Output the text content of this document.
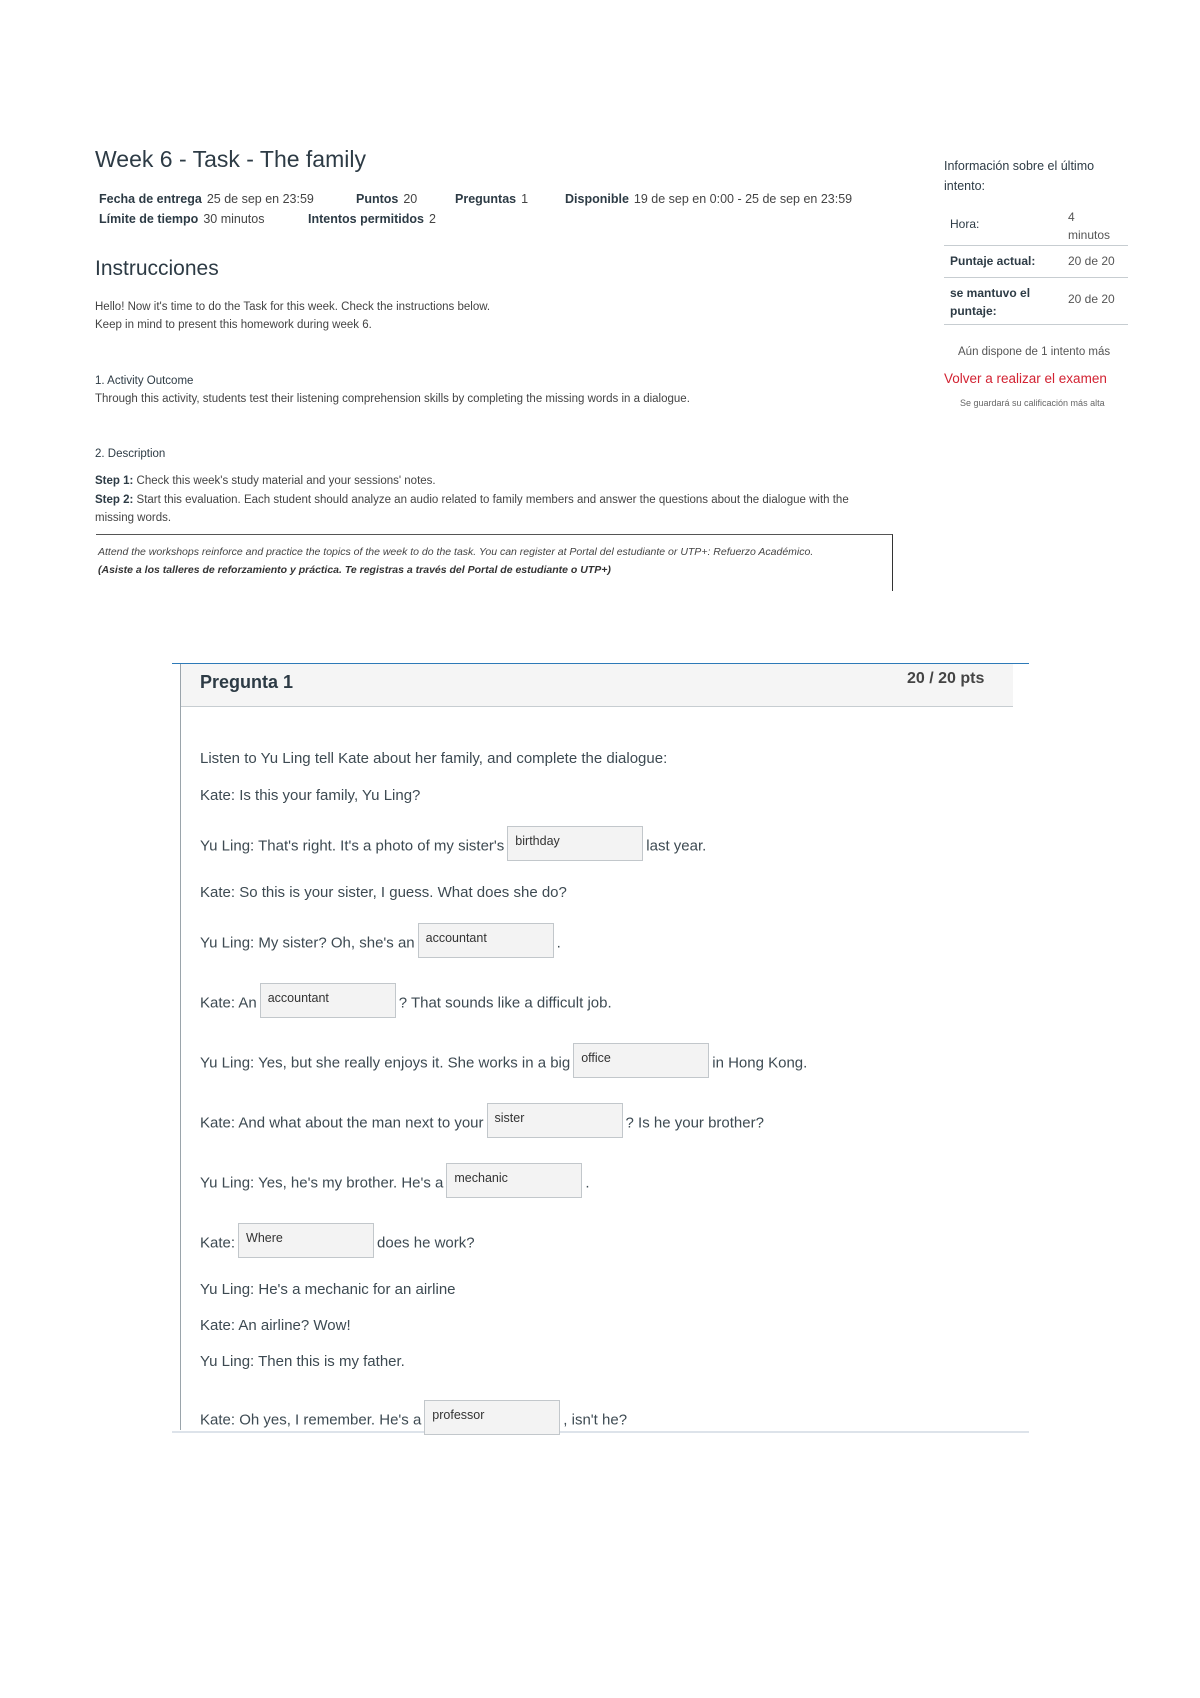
Week 6 - Task - The family
Fecha de entrega 25 de sep en 23:59	Puntos 20	Preguntas 1	Disponible 19 de sep en 0:00 - 25 de sep en 23:59
Límite de tiempo 30 minutos	Intentos permitidos 2
Instrucciones
Hello! Now it's time to do the Task for this week. Check the instructions below.
Keep in mind to present this homework during week 6.
1. Activity Outcome
Through this activity, students test their listening comprehension skills by completing the missing words in a dialogue.
2. Description
Step 1: Check this week's study material and your sessions' notes.
Step 2: Start this evaluation. Each student should analyze an audio related to family members and answer the questions about the dialogue with the
missing words.
Attend the workshops reinforce and practice the topics of the week to do the task. You can register at Portal del estudiante or UTP+: Refuerzo Académico.
(Asiste a los talleres de reforzamiento y práctica. Te registras a través del Portal de estudiante o UTP+)
Información sobre el último
intento:
Hora:	4
minutos
Puntaje actual:	20 de 20
se mantuvo el
puntaje:
20 de 20
Aún dispone de 1 intento más
Volver a realizar el examen
Se guardará su calificación más alta
Pregunta 1	20 / 20 pts
Listen to Yu Ling tell Kate about her family, and complete the dialogue:
Kate: Is this your family, Yu Ling?
Yu Ling: That's right. It's a photo of my sister's birthday	last year.
Kate: So this is your sister, I guess. What does she do?
Yu Ling: My sister? Oh, she's an accountant	.
Kate: An accountant	? That sounds like a difficult job.
Yu Ling: Yes, but she really enjoys it. She works in a big office	in Hong Kong.
Kate: And what about the man next to your sister	? Is he your brother?
Yu Ling: Yes, he's my brother. He's a mechanic	.
Kate: Where	does he work?
Yu Ling: He's a mechanic for an airline
Kate: An airline? Wow!
Yu Ling: Then this is my father.
Kate: Oh yes, I remember. He's a professor	, isn't he?
